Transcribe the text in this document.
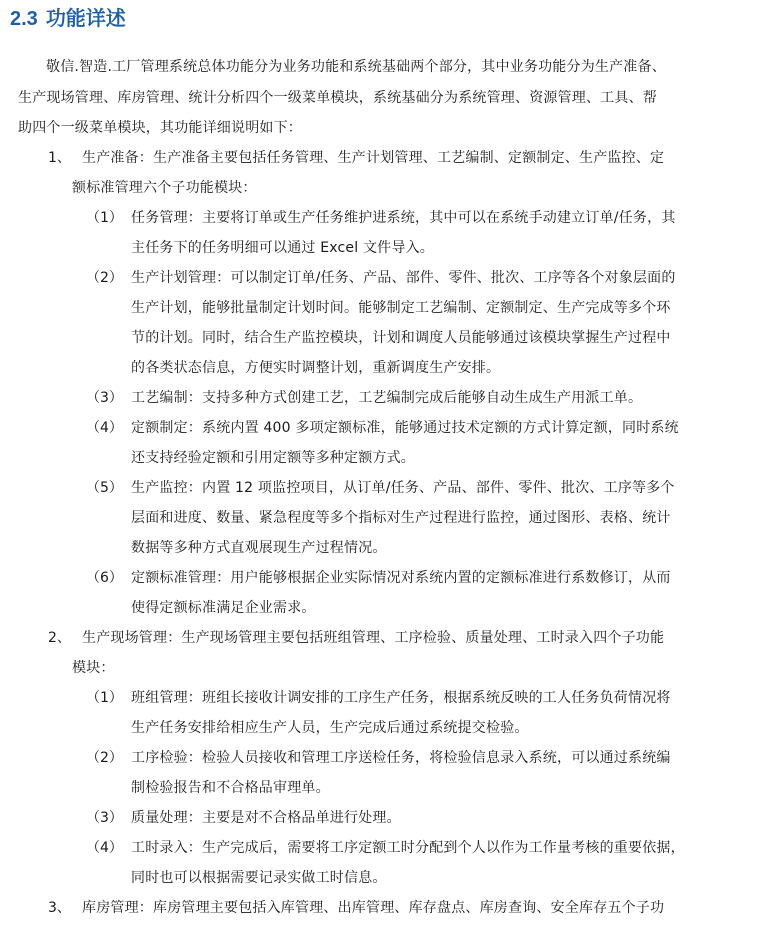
2.3 功能详述
敬信.智造.工厂管理系统总体功能分为业务功能和系统基础两个部分，其中业务功能分为生产准备、
生产现场管理、库房管理、统计分析四个一级菜单模块，系统基础分为系统管理、资源管理、工具、帮
助四个一级菜单模块，其功能详细说明如下：
1、 生产准备：生产准备主要包括任务管理、生产计划管理、工艺编制、定额制定、生产监控、定
额标准管理六个子功能模块：
（1） 任务管理：主要将订单或生产任务维护进系统，其中可以在系统手动建立订单/任务，其
主任务下的任务明细可以通过 Excel 文件导入。
（2） 生产计划管理：可以制定订单/任务、产品、部件、零件、批次、工序等各个对象层面的
生产计划，能够批量制定计划时间。能够制定工艺编制、定额制定、生产完成等多个环
节的计划。同时，结合生产监控模块，计划和调度人员能够通过该模块掌握生产过程中
的各类状态信息，方便实时调整计划，重新调度生产安排。
（3） 工艺编制：支持多种方式创建工艺，工艺编制完成后能够自动生成生产用派工单。
（4） 定额制定：系统内置 400 多项定额标准，能够通过技术定额的方式计算定额，同时系统
还支持经验定额和引用定额等多种定额方式。
（5） 生产监控：内置 12 项监控项目，从订单/任务、产品、部件、零件、批次、工序等多个
层面和进度、数量、紧急程度等多个指标对生产过程进行监控，通过图形、表格、统计
数据等多种方式直观展现生产过程情况。
（6） 定额标准管理：用户能够根据企业实际情况对系统内置的定额标准进行系数修订，从而
使得定额标准满足企业需求。
2、 生产现场管理：生产现场管理主要包括班组管理、工序检验、质量处理、工时录入四个子功能
模块：
（1） 班组管理：班组长接收计调安排的工序生产任务，根据系统反映的工人任务负荷情况将
生产任务安排给相应生产人员，生产完成后通过系统提交检验。
（2） 工序检验：检验人员接收和管理工序送检任务，将检验信息录入系统，可以通过系统编
制检验报告和不合格品审理单。
（3） 质量处理：主要是对不合格品单进行处理。
（4） 工时录入：生产完成后，需要将工序定额工时分配到个人以作为工作量考核的重要依据，
同时也可以根据需要记录实做工时信息。
3、 库房管理：库房管理主要包括入库管理、出库管理、库存盘点、库房查询、安全库存五个子功
